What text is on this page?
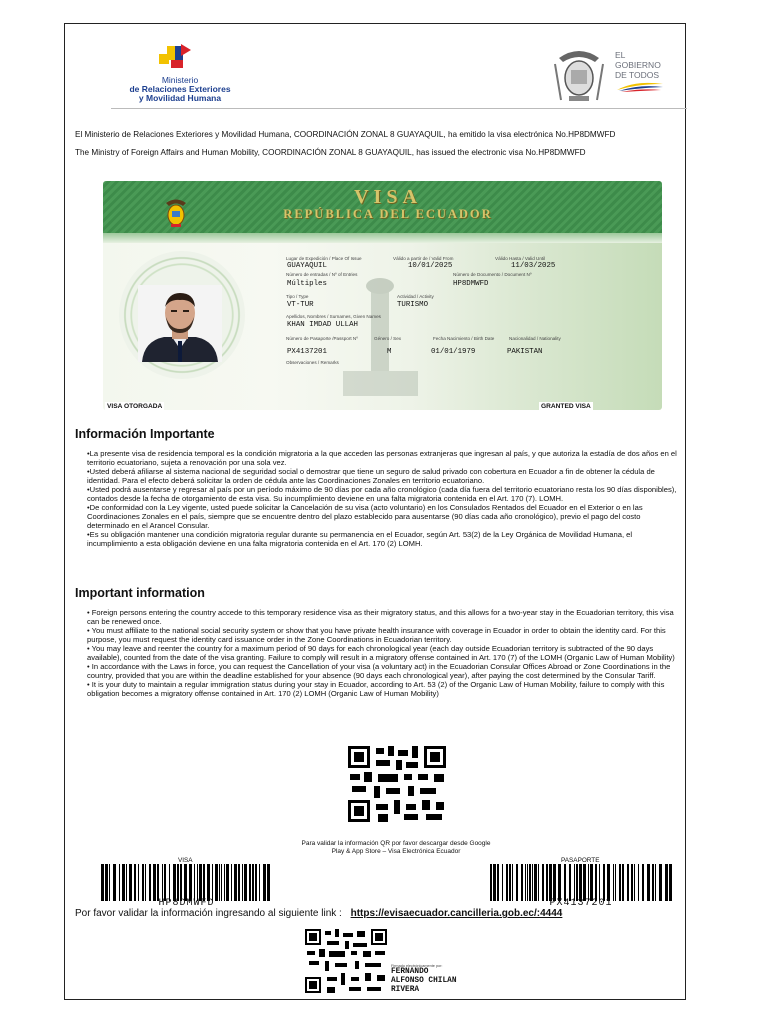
Ministerio
de Relaciones Exteriores
y Movilidad Humana
EL
GOBIERNO
DE TODOS
El Ministerio de Relaciones Exteriores y Movilidad Humana, COORDINACIÓN ZONAL 8 GUAYAQUIL, ha emitido la visa electrónica No.HP8DMWFD
The Ministry of Foreign Affairs and Human Mobility, COORDINACIÓN ZONAL 8 GUAYAQUIL, has issued the electronic visa No.HP8DMWFD
VISA
REPÚBLICA DEL ECUADOR
Lugar de Expedición / Place Of Issue	Válido a partir de / Valid From	Válido Hasta / Valid Until
GUAYAQUIL	10/01/2025	11/03/2025
Número de entradas / Nº of Entries	Número de Documento / Document Nº
Múltiples	HP8DMWFD
Tipo / Type	Actividad / Activity
VT-TUR	TURISMO
Apellidos, Nombres / Surnames, Given Names
KHAN IMDAD ULLAH
Número de Pasaporte /Passport Nº	Género / Sex	Fecha Nacimiento / Birth Date	Nacionalidad / Nationality
PX4137201	M	01/01/1979	PAKISTAN
Observaciones / Remarks
VISA OTORGADA	GRANTED VISA
Información Importante
•La presente visa de residencia temporal es la condición migratoria a la que acceden las personas extranjeras que ingresan al país, y que autoriza la estadía de dos años en el territorio ecuatoriano, sujeta a renovación por una sola vez.
•Usted deberá afiliarse al sistema nacional de seguridad social o demostrar que tiene un seguro de salud privado con cobertura en Ecuador a fin de obtener la cédula de identidad. Para el efecto deberá solicitar la orden de cédula ante las Coordinaciones Zonales en territorio ecuatoriano.
•Usted podrá ausentarse y regresar al país por un período máximo de 90 días por cada año cronológico (cada día fuera del territorio ecuatoriano resta los 90 días disponibles), contados desde la fecha de otorgamiento de esta visa. Su incumplimiento deviene en una falta migratoria contenida en el Art. 170 (7). LOMH.
•De conformidad con la Ley vigente, usted puede solicitar la Cancelación de su visa (acto voluntario) en los Consulados Rentados del Ecuador en el Exterior o en las Coordinaciones Zonales en el país, siempre que se encuentre dentro del plazo establecido para ausentarse (90 días cada año cronológico), previo el pago del costo determinado en el Arancel Consular.
•Es su obligación mantener una condición migratoria regular durante su permanencia en el Ecuador, según Art. 53(2) de la Ley Orgánica de Movilidad Humana, el incumplimiento a esta obligación deviene en una falta migratoria contenida en el Art. 170 (2) LOMH.
Important information
• Foreign persons entering the country accede to this temporary residence visa as their migratory status, and this allows for a two-year stay in the Ecuadorian territory, this visa can be renewed once.
• You must affiliate to the national social security system or show that you have private health insurance with coverage in Ecuador in order to obtain the identity card. For this purpose, you must request the identity card issuance order in the Zone Coordinations in Ecuadorian territory.
• You may leave and reenter the country for a maximum period of 90 days for each chronological year (each day outside Ecuadorian territory is subtracted of the 90 days available), counted from the date of the visa granting. Failure to comply will result in a migratory offense contained in Art. 170 (7) of the LOMH (Organic Law of Human Mobility)
• In accordance with the Laws in force, you can request the Cancellation of your visa (a voluntary act) in the Ecuadorian Consular Offices Abroad or Zone Coordinations in the country, provided that you are within the deadline established for your absence (90 days each chronological year), after paying the cost determined by the Consular Tariff.
• It is your duty to maintain a regular immigration status during your stay in Ecuador, according to Art. 53 (2) of the Organic Law of Human Mobility, failure to comply with this obligation becomes a migratory offense contained in Art. 170 (2) LOMH (Organic Law of Human Mobility)
Para validar la información QR por favor descargar desde Google
Play & App Store – Visa Electrónica Ecuador
VISA
HP8DMWFD
PASAPORTE
PX4137201
Por favor validar la información ingresando al siguiente link : https://evisaecuador.cancilleria.gob.ec/:4444
Firmado electrónicamente por:
FERNANDO
ALFONSO CHILAN
RIVERA
